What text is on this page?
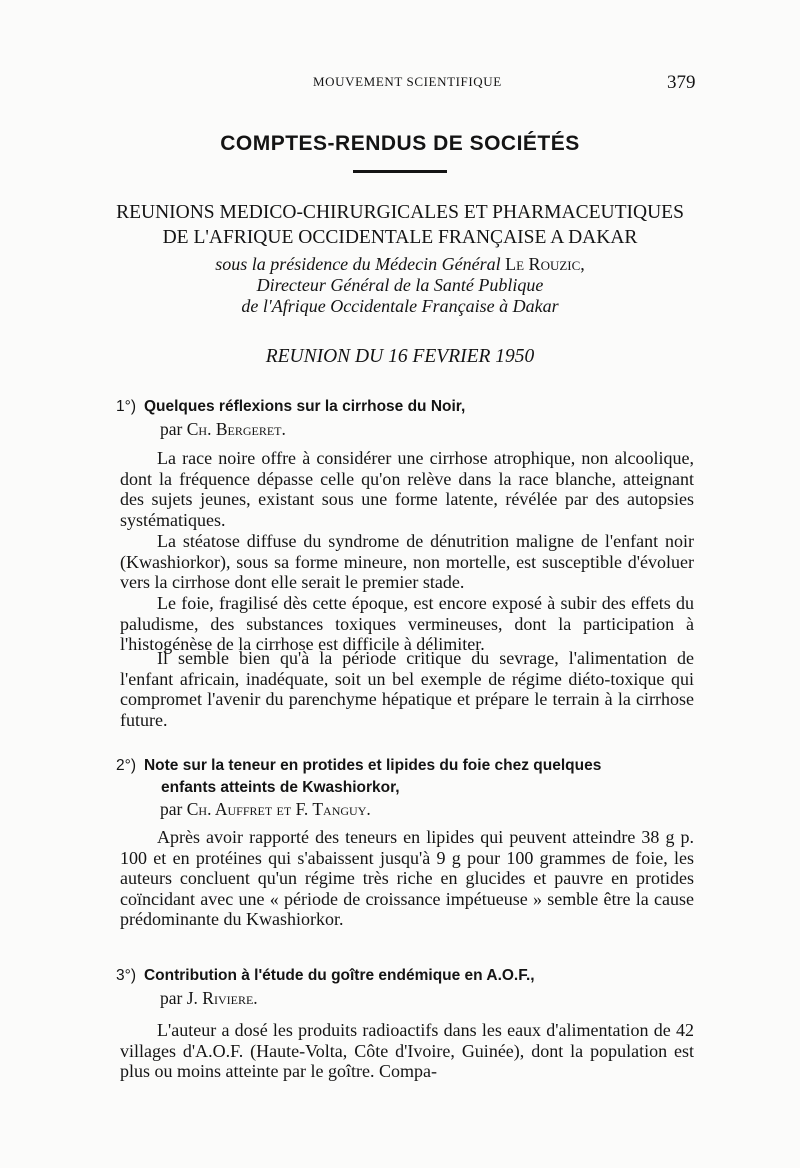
MOUVEMENT SCIENTIFIQUE	379
COMPTES-RENDUS DE SOCIÉTÉS
REUNIONS MEDICO-CHIRURGICALES ET PHARMACEUTIQUES
DE L'AFRIQUE OCCIDENTALE FRANÇAISE A DAKAR
sous la présidence du Médecin Général Le Rouzic,
Directeur Général de la Santé Publique
de l'Afrique Occidentale Française à Dakar
REUNION DU 16 FEVRIER 1950
1°) Quelques réflexions sur la cirrhose du Noir,
par Ch. Bergeret.

La race noire offre à considérer une cirrhose atrophique, non alcoolique, dont la fréquence dépasse celle qu'on relève dans la race blanche, atteignant des sujets jeunes, existant sous une forme latente, révélée par des autopsies systématiques.

La stéatose diffuse du syndrome de dénutrition maligne de l'enfant noir (Kwashiorkor), sous sa forme mineure, non mortelle, est susceptible d'évoluer vers la cirrhose dont elle serait le premier stade.

Le foie, fragilisé dès cette époque, est encore exposé à subir des effets du paludisme, des substances toxiques vermineuses, dont la participation à l'histogénèse de la cirrhose est difficile à délimiter.

Il semble bien qu'à la période critique du sevrage, l'alimentation de l'enfant africain, inadéquate, soit un bel exemple de régime diéto-toxique qui compromet l'avenir du parenchyme hépatique et prépare le terrain à la cirrhose future.

2°) Note sur la teneur en protides et lipides du foie chez quelques
enfants atteints de Kwashiorkor,
par Ch. Auffret et F. Tanguy.

Après avoir rapporté des teneurs en lipides qui peuvent atteindre 38 g p. 100 et en protéines qui s'abaissent jusqu'à 9 g pour 100 grammes de foie, les auteurs concluent qu'un régime très riche en glucides et pauvre en protides coïncidant avec une « période de croissance impétueuse » semble être la cause prédominante du Kwashiorkor.

3°) Contribution à l'étude du goître endémique en A.O.F.,
par J. Riviere.

L'auteur a dosé les produits radioactifs dans les eaux d'alimentation de 42 villages d'A.O.F. (Haute-Volta, Côte d'Ivoire, Guinée), dont la population est plus ou moins atteinte par le goître. Compa-
